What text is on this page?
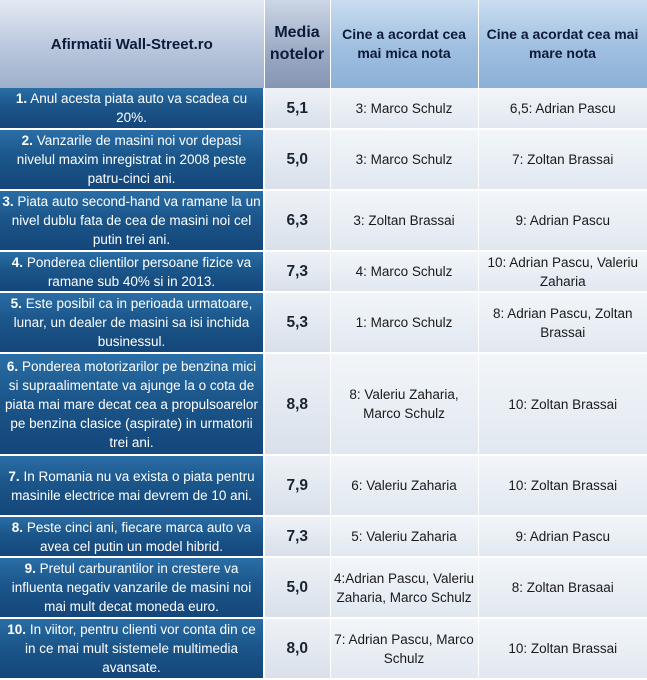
Afirmatii Wall-Street.ro	Media notelor	Cine a acordat cea mai mica nota	Cine a acordat cea mai mare nota
1. Anul acesta piata auto va scadea cu 20%.	5,1	3: Marco Schulz	6,5: Adrian Pascu
2. Vanzarile de masini noi vor depasi nivelul maxim inregistrat in 2008 peste patru-cinci ani.	5,0	3: Marco Schulz	7: Zoltan Brassai
3. Piata auto second-hand va ramane la un nivel dublu fata de cea de masini noi cel putin trei ani.	6,3	3: Zoltan Brassai	9: Adrian Pascu
4. Ponderea clientilor persoane fizice va ramane sub 40% si in 2013.	7,3	4: Marco Schulz	10: Adrian Pascu, Valeriu Zaharia
5. Este posibil ca in perioada urmatoare, lunar, un dealer de masini sa isi inchida businessul.	5,3	1: Marco Schulz	8: Adrian Pascu, Zoltan Brassai
6. Ponderea motorizarilor pe benzina mici si supraalimentate va ajunge la o cota de piata mai mare decat cea a propulsoarelor pe benzina clasice (aspirate) in urmatorii trei ani.	8,8	8: Valeriu Zaharia, Marco Schulz	10: Zoltan Brassai
7. In Romania nu va exista o piata pentru masinile electrice mai devrem de 10 ani.	7,9	6: Valeriu Zaharia	10: Zoltan Brassai
8. Peste cinci ani, fiecare marca auto va avea cel putin un model hibrid.	7,3	5: Valeriu Zaharia	9: Adrian Pascu
9. Pretul carburantilor in crestere va influenta negativ vanzarile de masini noi mai mult decat moneda euro.	5,0	4:Adrian Pascu, Valeriu Zaharia, Marco Schulz	8: Zoltan Brasaai
10. In viitor, pentru clienti vor conta din ce in ce mai mult sistemele multimedia avansate.	8,0	7: Adrian Pascu, Marco Schulz	10: Zoltan Brassai
